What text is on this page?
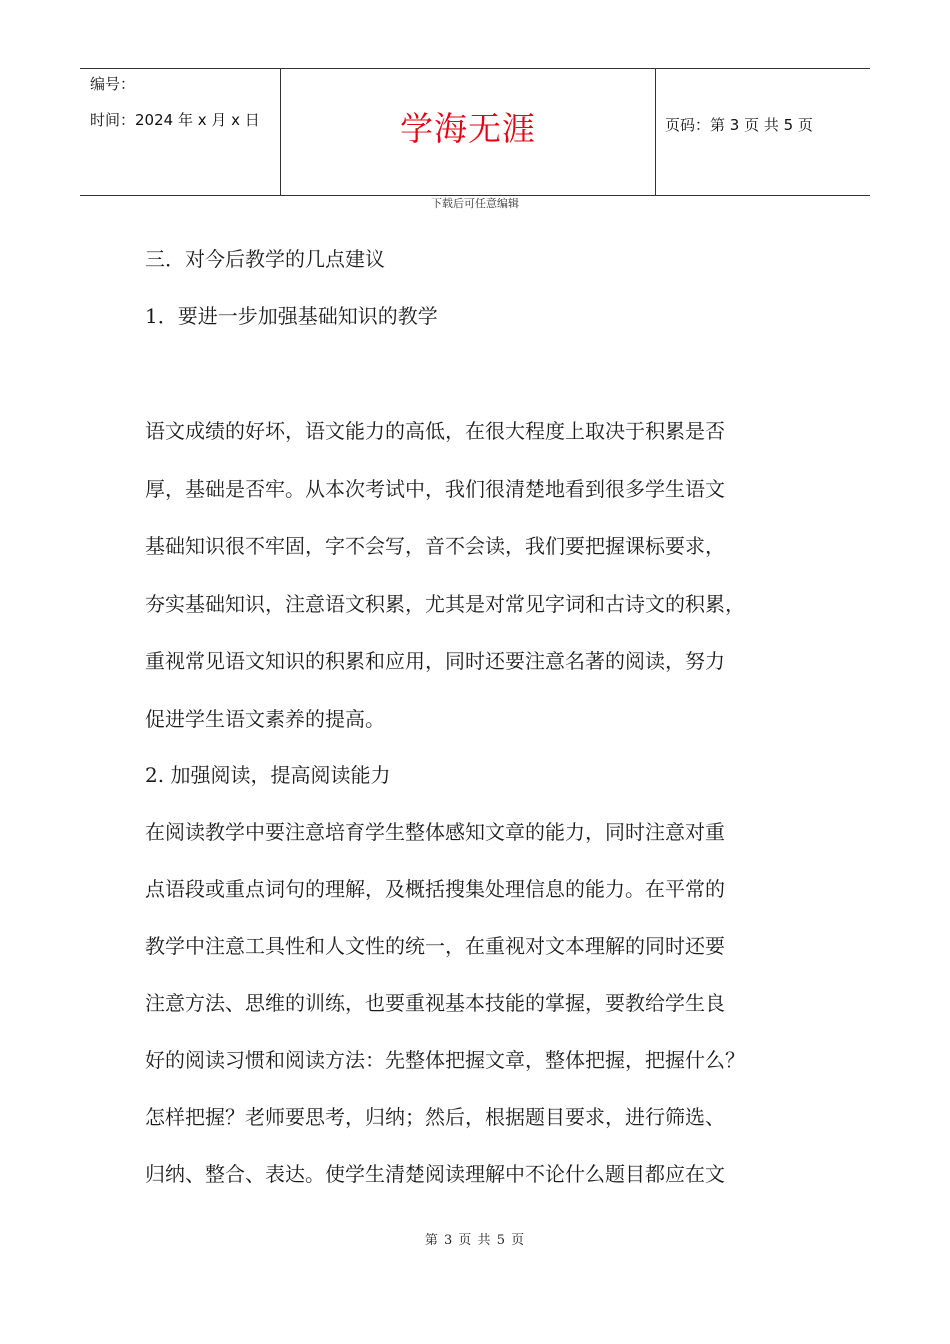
编号：
时间：2024 年 x 月 x 日	学海无涯	页码：第 3 页 共 5 页
下载后可任意编辑
三．对今后教学的几点建议
1．要进一步加强基础知识的教学
语文成绩的好坏，语文能力的高低，在很大程度上取决于积累是否
厚，基础是否牢。从本次考试中，我们很清楚地看到很多学生语文
基础知识很不牢固，字不会写，音不会读，我们要把握课标要求，
夯实基础知识，注意语文积累，尤其是对常见字词和古诗文的积累，
重视常见语文知识的积累和应用，同时还要注意名著的阅读，努力
促进学生语文素养的提高。
2. 加强阅读，提高阅读能力
在阅读教学中要注意培育学生整体感知文章的能力，同时注意对重
点语段或重点词句的理解，及概括搜集处理信息的能力。在平常的
教学中注意工具性和人文性的统一，在重视对文本理解的同时还要
注意方法、思维的训练，也要重视基本技能的掌握，要教给学生良
好的阅读习惯和阅读方法：先整体把握文章，整体把握，把握什么？
怎样把握？老师要思考，归纳；然后，根据题目要求，进行筛选、
归纳、整合、表达。使学生清楚阅读理解中不论什么题目都应在文
第 3 页 共 5 页
